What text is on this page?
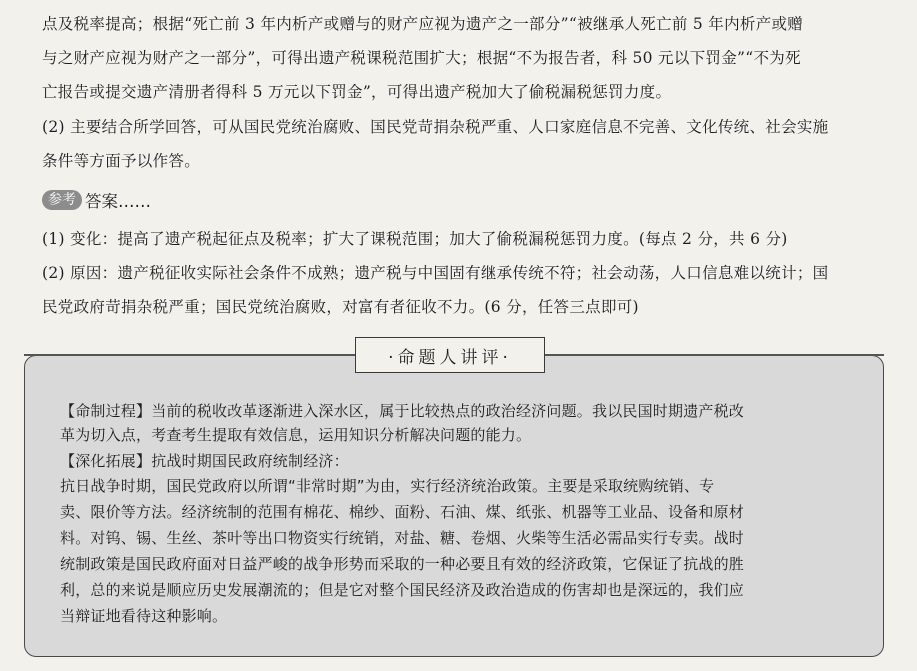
点及税率提高；根据“死亡前 3 年内析产或赠与的财产应视为遗产之一部分”“被继承人死亡前 5 年内析产或赠
与之财产应视为财产之一部分”，可得出遗产税课税范围扩大；根据“不为报告者，科 50 元以下罚金”“不为死
亡报告或提交遗产清册者得科 5 万元以下罚金”，可得出遗产税加大了偷税漏税惩罚力度。
(2) 主要结合所学回答，可从国民党统治腐败、国民党苛捐杂税严重、人口家庭信息不完善、文化传统、社会实施
条件等方面予以作答。
参考 答案……
(1) 变化：提高了遗产税起征点及税率；扩大了课税范围；加大了偷税漏税惩罚力度。(每点 2 分，共 6 分)
(2) 原因：遗产税征收实际社会条件不成熟；遗产税与中国固有继承传统不符；社会动荡，人口信息难以统计；国
民党政府苛捐杂税严重；国民党统治腐败，对富有者征收不力。(6 分，任答三点即可)
·命题人讲评·
【命制过程】当前的税收改革逐渐进入深水区，属于比较热点的政治经济问题。我以民国时期遗产税改
革为切入点，考查考生提取有效信息，运用知识分析解决问题的能力。
【深化拓展】抗战时期国民政府统制经济：
抗日战争时期，国民党政府以所谓“非常时期”为由，实行经济统治政策。主要是采取统购统销、专
卖、限价等方法。经济统制的范围有棉花、棉纱、面粉、石油、煤、纸张、机器等工业品、设备和原材
料。对钨、锡、生丝、茶叶等出口物资实行统销，对盐、糖、卷烟、火柴等生活必需品实行专卖。战时
统制政策是国民政府面对日益严峻的战争形势而采取的一种必要且有效的经济政策，它保证了抗战的胜
利，总的来说是顺应历史发展潮流的；但是它对整个国民经济及政治造成的伤害却也是深远的，我们应
当辩证地看待这种影响。
